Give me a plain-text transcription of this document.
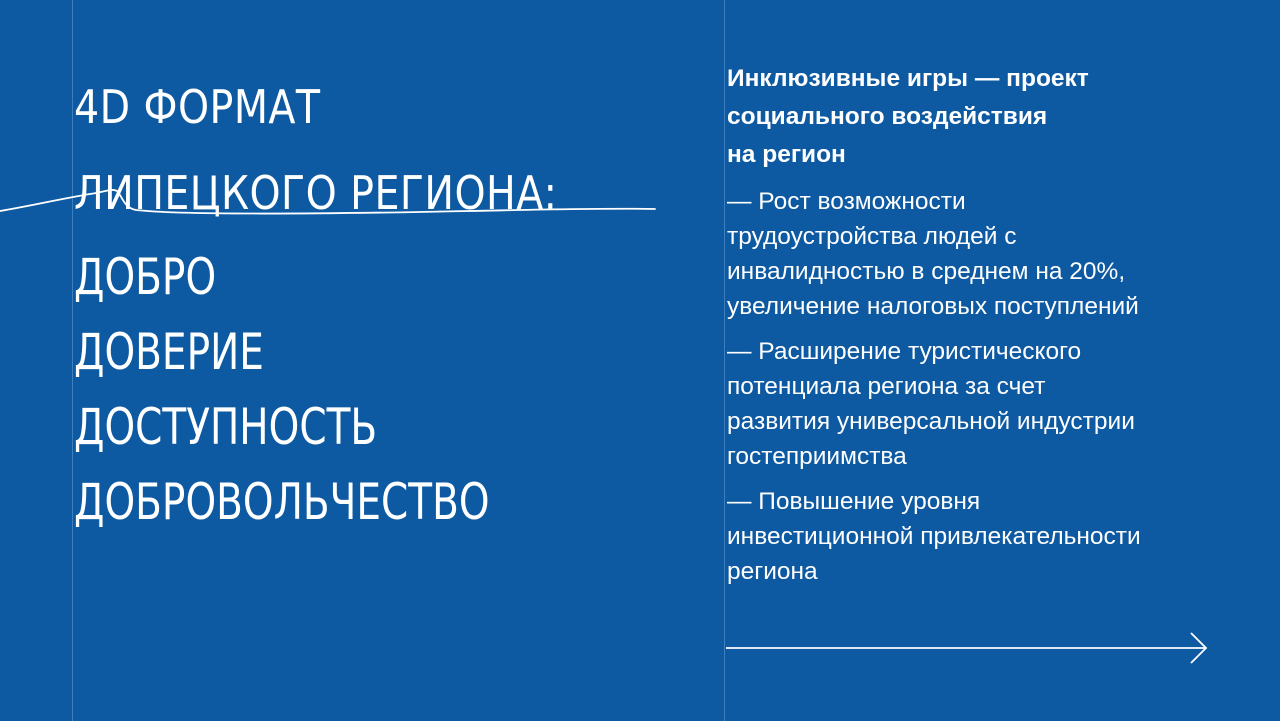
4D ФОРМАТ
ЛИПЕЦКОГО РЕГИОНА:
ДОБРО
ДОВЕРИЕ
ДОСТУПНОСТЬ
ДОБРОВОЛЬЧЕСТВО
Инклюзивные игры — проект
социального воздействия
на регион
— Рост возможности
трудоустройства людей с
инвалидностью в среднем на 20%,
увеличение налоговых поступлений
— Расширение туристического
потенциала региона за счет
развития универсальной индустрии
гостеприимства
— Повышение уровня
инвестиционной привлекательности
региона
